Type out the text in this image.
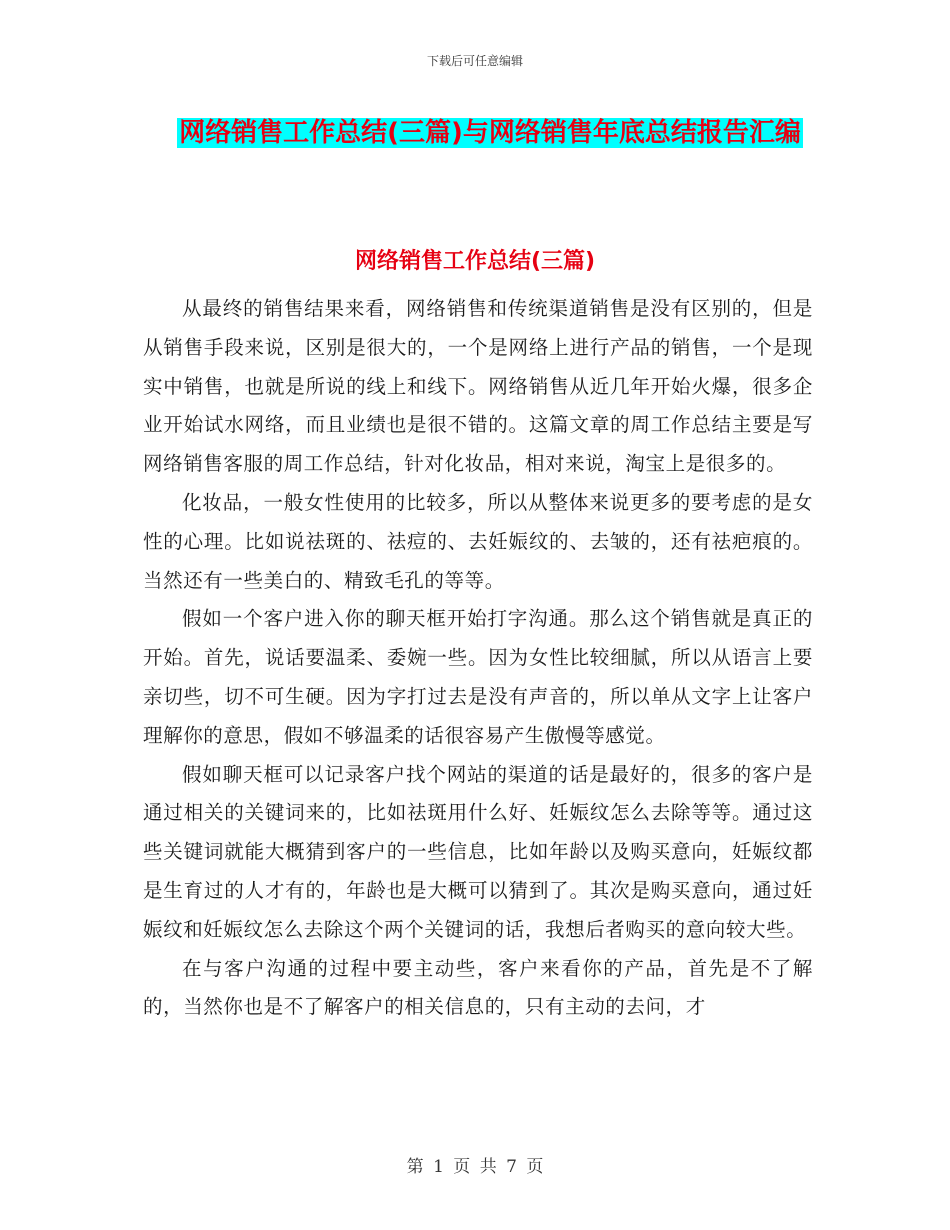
下载后可任意编辑
网络销售工作总结(三篇)与网络销售年底总结报告汇编
网络销售工作总结(三篇)

从最终的销售结果来看，网络销售和传统渠道销售是没有区别的，但是从销售手段来说，区别是很大的，一个是网络上进行产品的销售，一个是现实中销售，也就是所说的线上和线下。网络销售从近几年开始火爆，很多企业开始试水网络，而且业绩也是很不错的。这篇文章的周工作总结主要是写网络销售客服的周工作总结，针对化妆品，相对来说，淘宝上是很多的。

化妆品，一般女性使用的比较多，所以从整体来说更多的要考虑的是女性的心理。比如说祛斑的、祛痘的、去妊娠纹的、去皱的，还有祛疤痕的。当然还有一些美白的、精致毛孔的等等。

假如一个客户进入你的聊天框开始打字沟通。那么这个销售就是真正的开始。首先，说话要温柔、委婉一些。因为女性比较细腻，所以从语言上要亲切些，切不可生硬。因为字打过去是没有声音的，所以单从文字上让客户理解你的意思，假如不够温柔的话很容易产生傲慢等感觉。

假如聊天框可以记录客户找个网站的渠道的话是最好的，很多的客户是通过相关的关键词来的，比如祛斑用什么好、妊娠纹怎么去除等等。通过这些关键词就能大概猜到客户的一些信息，比如年龄以及购买意向，妊娠纹都是生育过的人才有的，年龄也是大概可以猜到了。其次是购买意向，通过妊娠纹和妊娠纹怎么去除这个两个关键词的话，我想后者购买的意向较大些。

在与客户沟通的过程中要主动些，客户来看你的产品，首先是不了解的，当然你也是不了解客户的相关信息的，只有主动的去问，才

第 1 页 共 7 页
